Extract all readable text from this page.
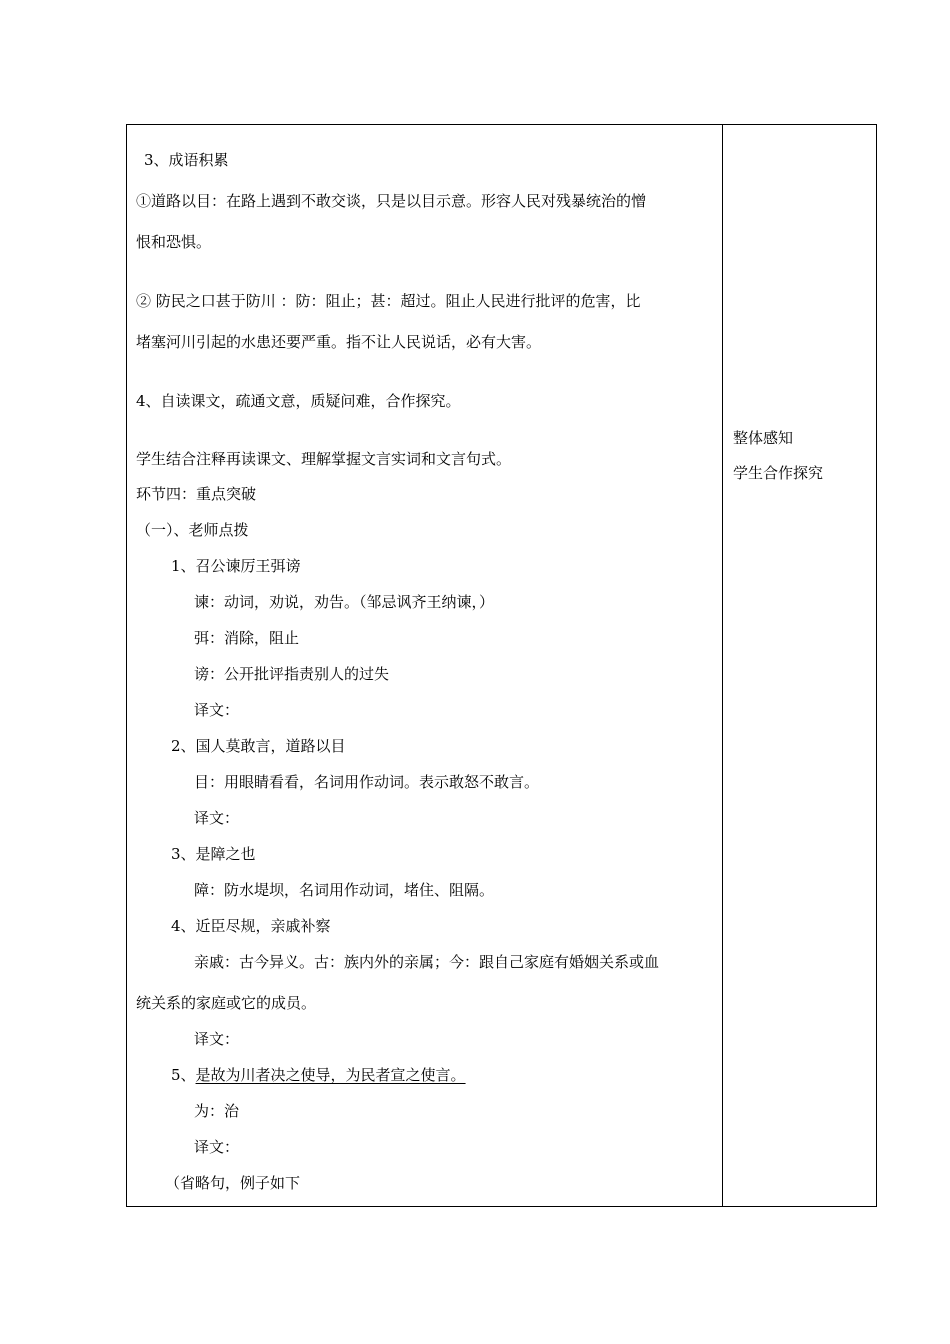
3、成语积累
①道路以目：在路上遇到不敢交谈，只是以目示意。形容人民对残暴统治的憎
恨和恐惧。
② 防民之口甚于防川 ：防：阻止；甚：超过。阻止人民进行批评的危害，比
堵塞河川引起的水患还要严重。指不让人民说话，必有大害。
4、自读课文，疏通文意，质疑问难，合作探究。
学生结合注释再读课文、理解掌握文言实词和文言句式。
环节四：重点突破
（一）、老师点拨
1、召公谏厉王弭谤
谏：动词，劝说，劝告。（邹忌讽齐王纳谏，）
弭：消除，阻止
谤：公开批评指责别人的过失
译文：
2、国人莫敢言，道路以目
目：用眼睛看看，名词用作动词。表示敢怒不敢言。
译文：
3、是障之也
障：防水堤坝，名词用作动词，堵住、阻隔。
4、近臣尽规，亲戚补察
亲戚：古今异义。古：族内外的亲属；今：跟自己家庭有婚姻关系或血
统关系的家庭或它的成员。
译文：
5、是故为川者决之使导，为民者宣之使言。
为：治
译文：
（省略句，例子如下
整体感知
学生合作探究
